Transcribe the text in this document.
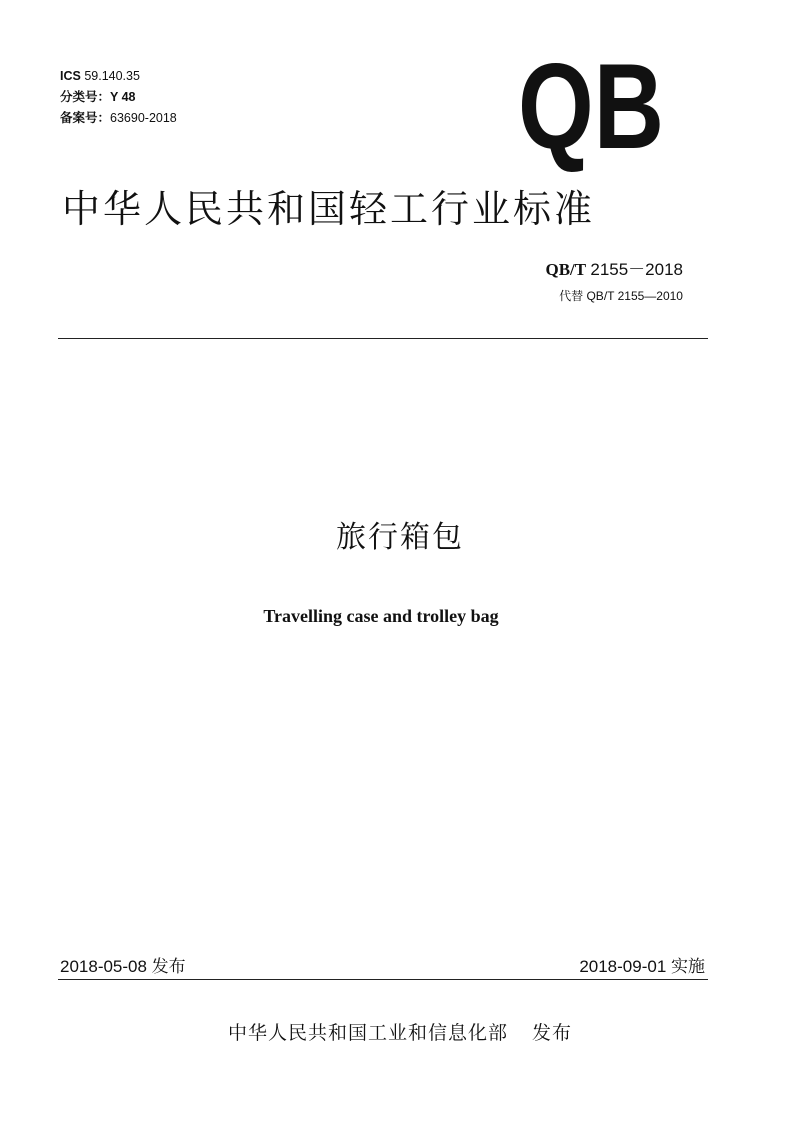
ICS 59.140.35
分类号：Y 48
备案号：63690-2018	QB
中华人民共和国轻工行业标准
QB/T 2155－2018
代替 QB/T 2155—2010
旅行箱包
Travelling case and trolley bag
2018-05-08 发布	2018-09-01 实施
中华人民共和国工业和信息化部 发布
